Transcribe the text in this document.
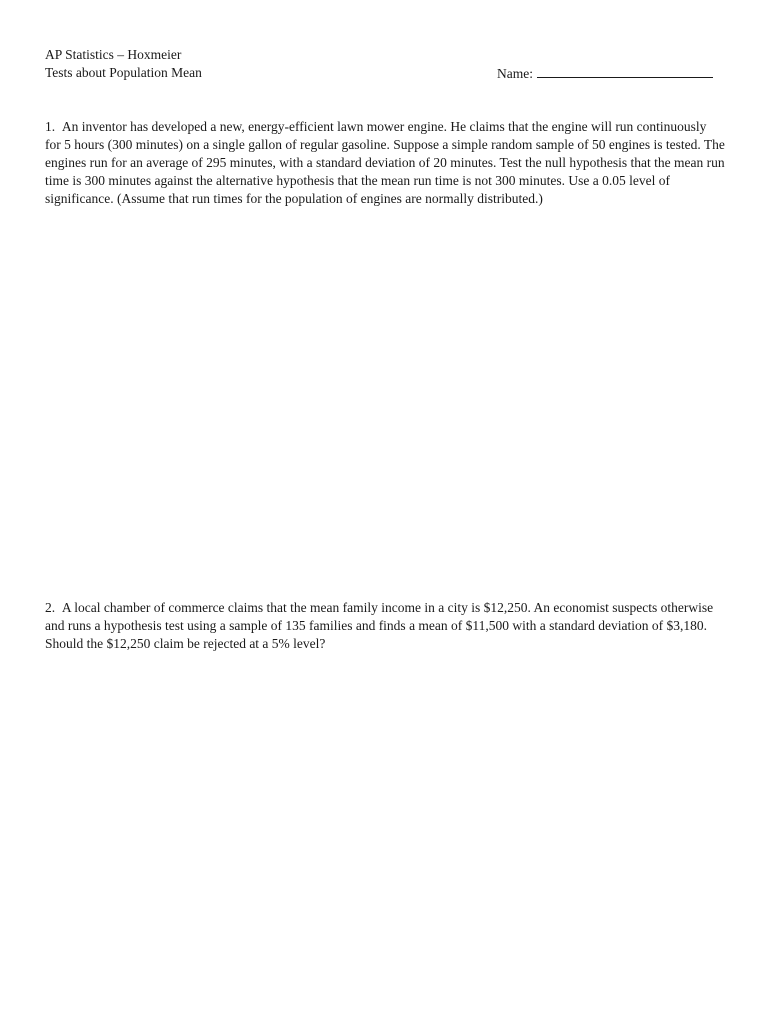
AP Statistics – Hoxmeier
Tests about Population Mean	Name:
1. An inventor has developed a new, energy-efficient lawn mower engine. He claims that the engine will run continuously for 5 hours (300 minutes) on a single gallon of regular gasoline. Suppose a simple random sample of 50 engines is tested. The engines run for an average of 295 minutes, with a standard deviation of 20 minutes. Test the null hypothesis that the mean run time is 300 minutes against the alternative hypothesis that the mean run time is not 300 minutes. Use a 0.05 level of significance. (Assume that run times for the population of engines are normally distributed.)
2. A local chamber of commerce claims that the mean family income in a city is $12,250. An economist suspects otherwise and runs a hypothesis test using a sample of 135 families and finds a mean of $11,500 with a standard deviation of $3,180. Should the $12,250 claim be rejected at a 5% level?
